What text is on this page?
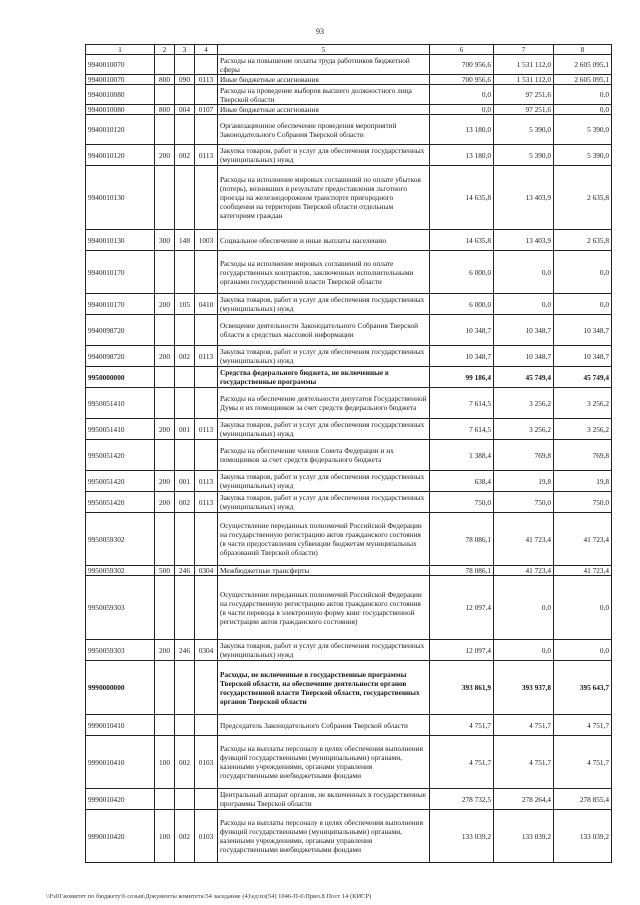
93
1	2	3	4	5	6	7	8
9940010070				Расходы на повышение оплаты труда работников бюджетной сферы	700 956,6	1 531 112,0	2 605 095,1
9940010070	800	090	0113	Иные бюджетные ассигнования	700 956,6	1 531 112,0	2 605 095,1
9940010080				Расходы на проведение выборов высшего должностного лица Тверской области	0,0	97 251,6	0,0
9940010080	800	004	0107	Иные бюджетные ассигнования	0,0	97 251,6	0,0
9940010120				Организационное обеспечение проведения мероприятий Законодательного Собрания Тверской области	13 180,0	5 390,0	5 390,0
9940010120	200	002	0113	Закупка товаров, работ и услуг для обеспечения государственных (муниципальных) нужд	13 180,0	5 390,0	5 390,0
9940010130				Расходы на исполнение мировых соглашений по оплате убытков (потерь), возникших в результате предоставления льготного проезда на железнодорожном транспорте пригородного сообщения на территории Тверской области отдельным категориям граждан	14 635,8	13 403,9	2 635,8
9940010130	300	148	1003	Социальное обеспечение и иные выплаты населению	14 635,8	13 403,9	2 635,8
9940010170				Расходы на исполнение мировых соглашений по оплате государственных контрактов, заключенных исполнительными органами государственной власти Тверской области	6 000,0	0,0	0,0
9940010170	200	105	0410	Закупка товаров, работ и услуг для обеспечения государственных (муниципальных) нужд	6 000,0	0,0	0,0
9940098720				Освещение деятельности Законодательного Собрания Тверской области в средствах массовой информации	10 348,7	10 348,7	10 348,7
9940098720	200	002	0113	Закупка товаров, работ и услуг для обеспечения государственных (муниципальных) нужд	10 348,7	10 348,7	10 348,7
9950000000				Средства федерального бюджета, не включенные в государственные программы	99 186,4	45 749,4	45 749,4
9950051410				Расходы на обеспечение деятельности депутатов Государственной Думы и их помощников за счет средств федерального бюджета	7 614,5	3 256,2	3 256,2
9950051410	200	001	0113	Закупка товаров, работ и услуг для обеспечения государственных (муниципальных) нужд	7 614,5	3 256,2	3 256,2
9950051420				Расходы на обеспечение членов Совета Федерации и их помощников за счет средств федерального бюджета	1 388,4	769,8	769,8
9950051420	200	001	0113	Закупка товаров, работ и услуг для обеспечения государственных (муниципальных) нужд	638,4	19,8	19,8
9950051420	200	002	0113	Закупка товаров, работ и услуг для обеспечения государственных (муниципальных) нужд	750,0	750,0	750,0
9950059302				Осуществление переданных полномочий Российской Федерации на государственную регистрацию актов гражданского состояния (в части предоставления субвенции бюджетам муниципальных образований Тверской области)	78 086,1	41 723,4	41 723,4
9950059302	500	246	0304	Межбюджетные трансферты	78 086,1	41 723,4	41 723,4
9950059303				Осуществление переданных полномочий Российской Федерации на государственную регистрацию актов гражданского состояния (в части перевода в электронную форму книг государственной регистрации актов гражданского состояния)	12 097,4	0,0	0,0
9950059303	200	246	0304	Закупка товаров, работ и услуг для обеспечения государственных (муниципальных) нужд	12 097,4	0,0	0,0
9990000000				Расходы, не включенные в государственные программы Тверской области, на обеспечение деятельности органов государственной власти Тверской области, государственных органов Тверской области	393 861,9	393 937,8	395 643,7
9990010410				Председатель Законодательного Собрания Тверской области	4 751,7	4 751,7	4 751,7
9990010410	100	002	0103	Расходы на выплаты персоналу в целях обеспечения выполнения функций государственными (муниципальными) органами, казенными учреждениями, органами управления государственными внебюджетными фондами	4 751,7	4 751,7	4 751,7
9990010420				Центральный аппарат органов, не включенных в государственные программы Тверской области	278 732,5	278 264,4	278 855,4
9990010420	100	002	0103	Расходы на выплаты персоналу в целях обеспечения выполнения функций государственными (муниципальными) органами, казенными учреждениями, органами управления государственными внебюджетными фондами	133 039,2	133 039,2	133 039,2
\\Fs01\комитет по бюджету\6 созыв\Документы комитета\54 заседание (4)\ед\пз(54) 1046-П-6\Прил.8 Пост 14 (КИСР)
